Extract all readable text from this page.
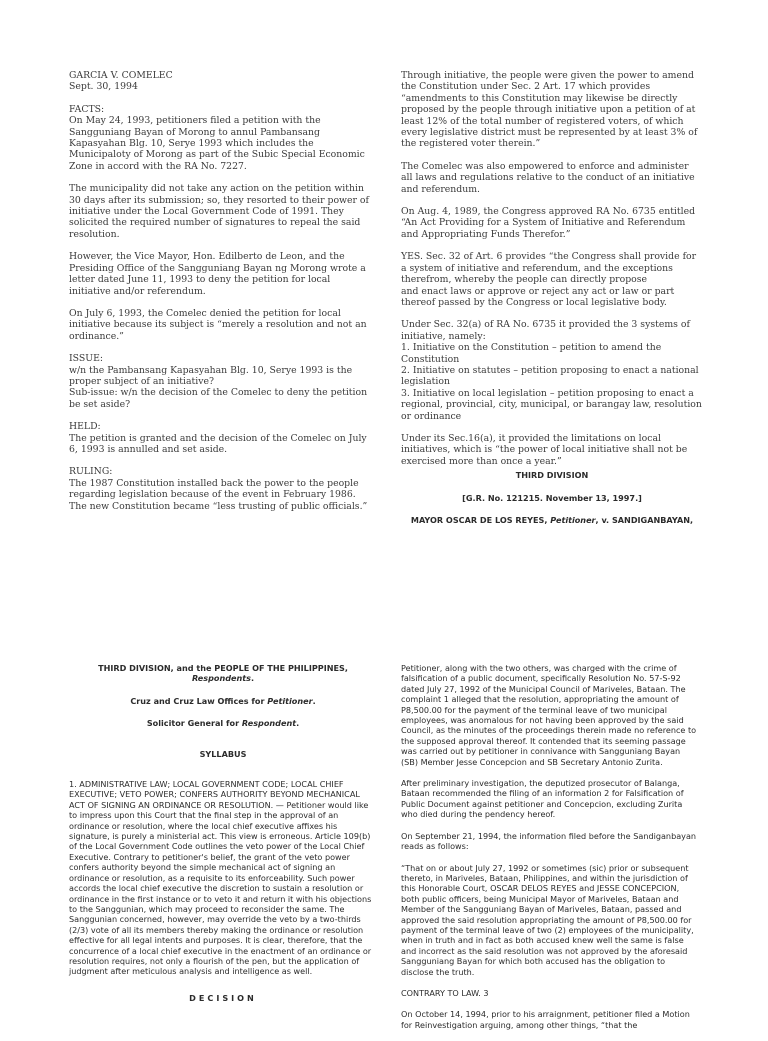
GARCIA V. COMELEC
Sept. 30, 1994

FACTS:
On May 24, 1993, petitioners filed a petition with the Sangguniang Bayan of Morong to annul Pambansang Kapasyahan Blg. 10, Serye 1993 which includes the Municipaloty of Morong as part of the Subic Special Economic Zone in accord with the RA No. 7227.

The municipality did not take any action on the petition within 30 days after its submission; so, they resorted to their power of initiative under the Local Government Code of 1991. They solicited the required number of signatures to repeal the said resolution.

However, the Vice Mayor, Hon. Edilberto de Leon, and the Presiding Office of the Sangguniang Bayan ng Morong wrote a letter dated June 11, 1993 to deny the petition for local initiative and/or referendum.

On July 6, 1993, the Comelec denied the petition for local initiative because its subject is “merely a resolution and not an ordinance.”

ISSUE:
w/n the Pambansang Kapasyahan Blg. 10, Serye 1993 is the proper subject of an initiative?
Sub-issue: w/n the decision of the Comelec to deny the petition be set aside?

HELD:
The petition is granted and the decision of the Comelec on July 6, 1993 is annulled and set aside.

RULING:
The 1987 Constitution installed back the power to the people regarding legislation because of the event in February 1986. The new Constitution became “less trusting of public officials.”

Through initiative, the people were given the power to amend the Constitution under Sec. 2 Art. 17 which provides “amendments to this Constitution may likewise be directly proposed by the people through initiative upon a petition of at least 12% of the total number of registered voters, of which every legislative district must be represented by at least 3% of the registered voter therein.”

The Comelec was also empowered to enforce and administer all laws and regulations relative to the conduct of an initiative and referendum.

On Aug. 4, 1989, the Congress approved RA No. 6735 entitled “An Act Providing for a System of Initiative and Referendum and Appropriating Funds Therefor.”

YES. Sec. 32 of Art. 6 provides “the Congress shall provide for a system of initiative and referendum, and the exceptions therefrom, whereby the people can directly propose
and enact laws or approve or reject any act or law or part thereof passed by the Congress or local legislative body.

Under Sec. 32(a) of RA No. 6735 it provided the 3 systems of initiative, namely:
1. Initiative on the Constitution – petition to amend the Constitution
2. Initiative on statutes – petition proposing to enact a national legislation
3. Initiative on local legislation – petition proposing to enact a regional, provincial, city, municipal, or barangay law, resolution or ordinance

Under its Sec.16(a), it provided the limitations on local initiatives, which is “the power of local initiative shall not be exercised more than once a year.”

THIRD DIVISION

[G.R. No. 121215. November 13, 1997.]

MAYOR OSCAR DE LOS REYES, Petitioner, v. SANDIGANBAYAN,

THIRD DIVISION, and the PEOPLE OF THE PHILIPPINES, Respondents.

Cruz and Cruz Law Offices for Petitioner.

Solicitor General for Respondent.

SYLLABUS

1. ADMINISTRATIVE LAW; LOCAL GOVERNMENT CODE; LOCAL CHIEF EXECUTIVE; VETO POWER; CONFERS AUTHORITY BEYOND MECHANICAL ACT OF SIGNING AN ORDINANCE OR RESOLUTION. — Petitioner would like to impress upon this Court that the final step in the approval of an ordinance or resolution, where the local chief executive affixes his signature, is purely a ministerial act. This view is erroneous. Article 109(b) of the Local Government Code outlines the veto power of the Local Chief Executive. Contrary to petitioner's belief, the grant of the veto power confers authority beyond the simple mechanical act of signing an ordinance or resolution, as a requisite to its enforceability. Such power accords the local chief executive the discretion to sustain a resolution or ordinance in the first instance or to veto it and return it with his objections to the Sanggunian, which may proceed to reconsider the same. The Sanggunian concerned, however, may override the veto by a two-thirds (2/3) vote of all its members thereby making the ordinance or resolution effective for all legal intents and purposes. It is clear, therefore, that the concurrence of a local chief executive in the enactment of an ordinance or resolution requires, not only a flourish of the pen, but the application of judgment after meticulous analysis and intelligence as well.

DECISION

Petitioner, along with the two others, was charged with the crime of falsification of a public document, specifically Resolution No. 57-S-92 dated July 27, 1992 of the Municipal Council of Mariveles, Bataan. The complaint 1 alleged that the resolution, appropriating the amount of P8,500.00 for the payment of the terminal leave of two municipal employees, was anomalous for not having been approved by the said Council, as the minutes of the proceedings therein made no reference to the supposed approval thereof. It contended that its seeming passage was carried out by petitioner in connivance with Sangguniang Bayan (SB) Member Jesse Concepcion and SB Secretary Antonio Zurita.

After preliminary investigation, the deputized prosecutor of Balanga, Bataan recommended the filing of an information 2 for Falsification of Public Document against petitioner and Concepcion, excluding Zurita who died during the pendency hereof.

On September 21, 1994, the information filed before the Sandiganbayan reads as follows:

“That on or about July 27, 1992 or sometimes (sic) prior or subsequent thereto, in Mariveles, Bataan, Philippines, and within the jurisdiction of this Honorable Court, OSCAR DELOS REYES and JESSE CONCEPCION, both public officers, being Municipal Mayor of Mariveles, Bataan and Member of the Sangguniang Bayan of Mariveles, Bataan, passed and approved the said resolution appropriating the amount of P8,500.00 for payment of the terminal leave of two (2) employees of the municipality, when in truth and in fact as both accused knew well the same is false and incorrect as the said resolution was not approved by the aforesaid Sangguniang Bayan for which both accused has the obligation to disclose the truth.

CONTRARY TO LAW. 3

On October 14, 1994, prior to his arraignment, petitioner filed a Motion for Reinvestigation arguing, among other things, “that the
